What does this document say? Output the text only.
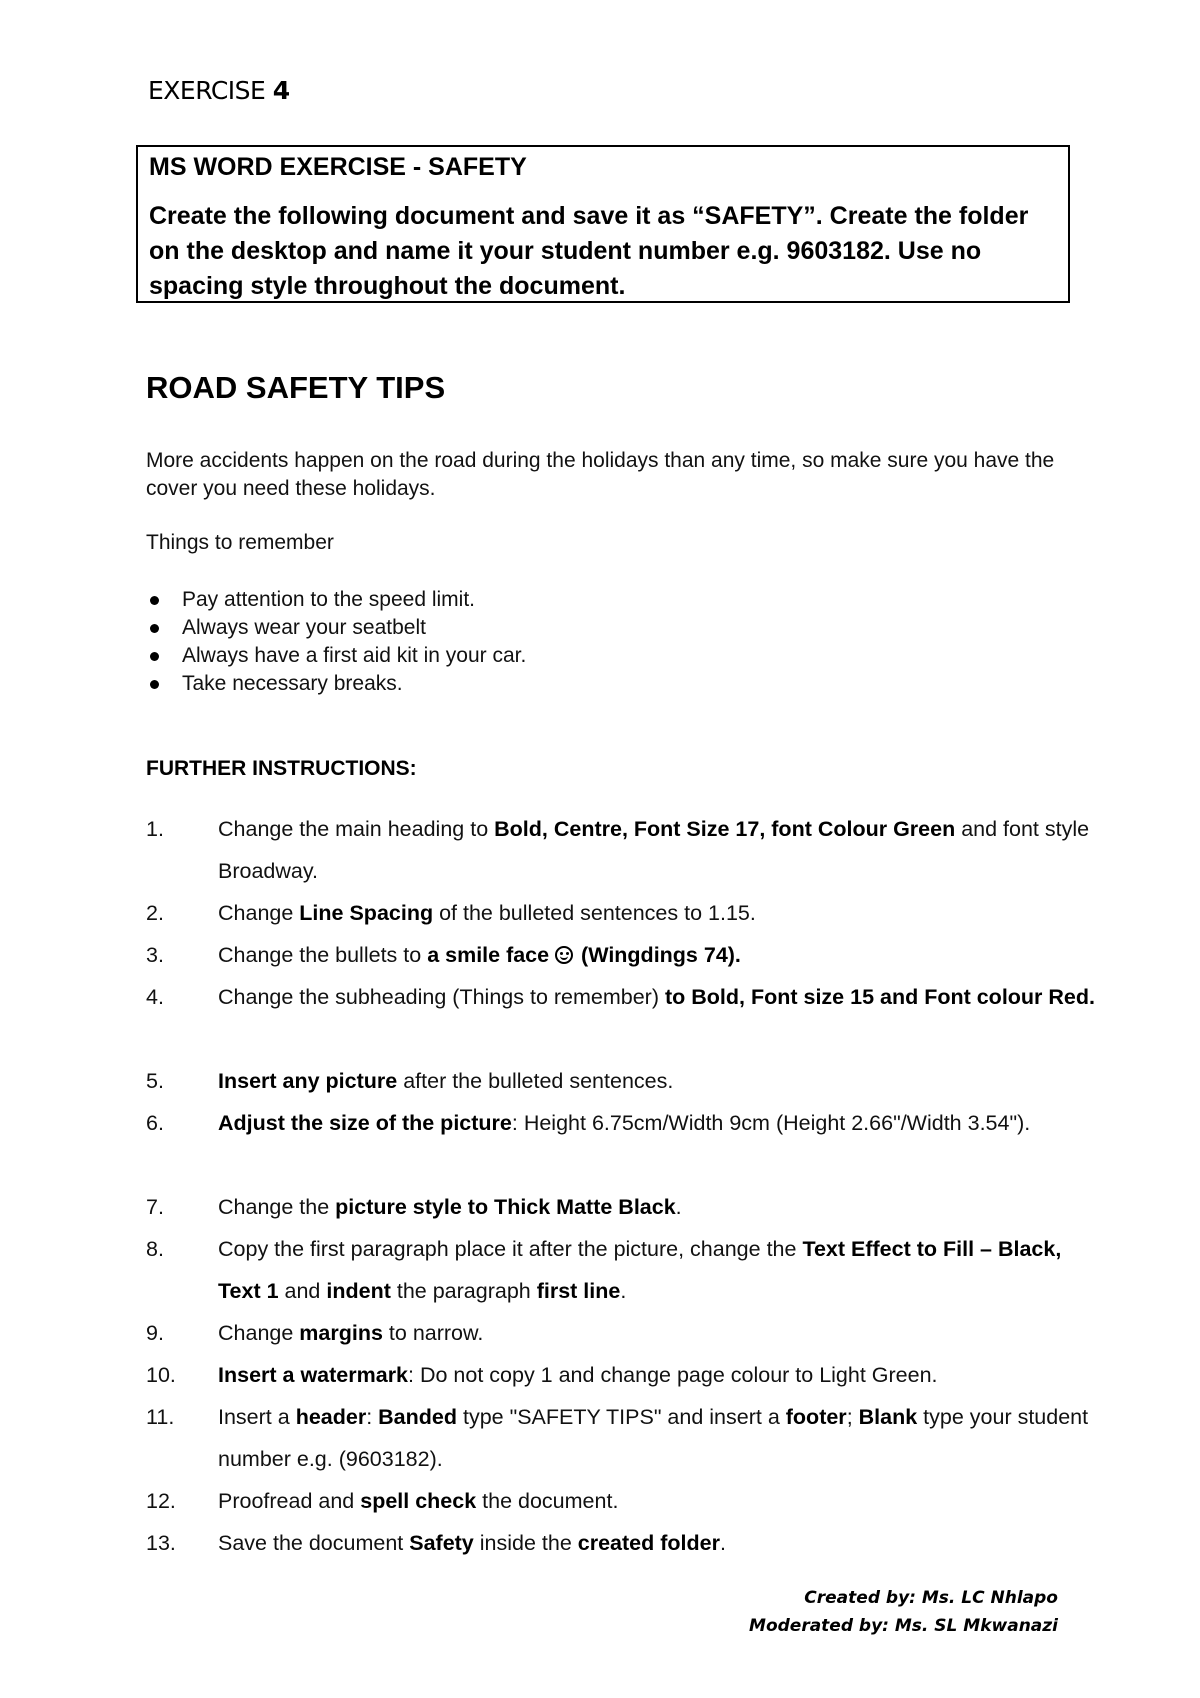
EXERCISE 4
MS WORD EXERCISE - SAFETY
Create the following document and save it as “SAFETY”. Create the folder on the desktop and name it your student number e.g. 9603182. Use no spacing style throughout the document.
ROAD SAFETY TIPS
More accidents happen on the road during the holidays than any time, so make sure you have the cover you need these holidays.
Things to remember
Pay attention to the speed limit.
Always wear your seatbelt
Always have a first aid kit in your car.
Take necessary breaks.
FURTHER INSTRUCTIONS:
1.	Change the main heading to Bold, Centre, Font Size 17, font Colour Green and font style Broadway.
2.	Change Line Spacing of the bulleted sentences to 1.15.
3.	Change the bullets to a smile face  (Wingdings 74).
4.	Change the subheading (Things to remember) to Bold, Font size 15 and Font colour Red.
5.	Insert any picture after the bulleted sentences.
6.	Adjust the size of the picture: Height 6.75cm/Width 9cm (Height 2.66"/Width 3.54").
7.	Change the picture style to Thick Matte Black.
8.	Copy the first paragraph place it after the picture, change the Text Effect to Fill – Black, Text 1 and indent the paragraph first line.
9.	Change margins to narrow.
10. Insert a watermark: Do not copy 1 and change page colour to Light Green.
11. Insert a header: Banded type "SAFETY TIPS" and insert a footer; Blank type your student number e.g. (9603182).
12. Proofread and spell check the document.
13. Save the document Safety inside the created folder.
Created by: Ms. LC Nhlapo
Moderated by: Ms. SL Mkwanazi
